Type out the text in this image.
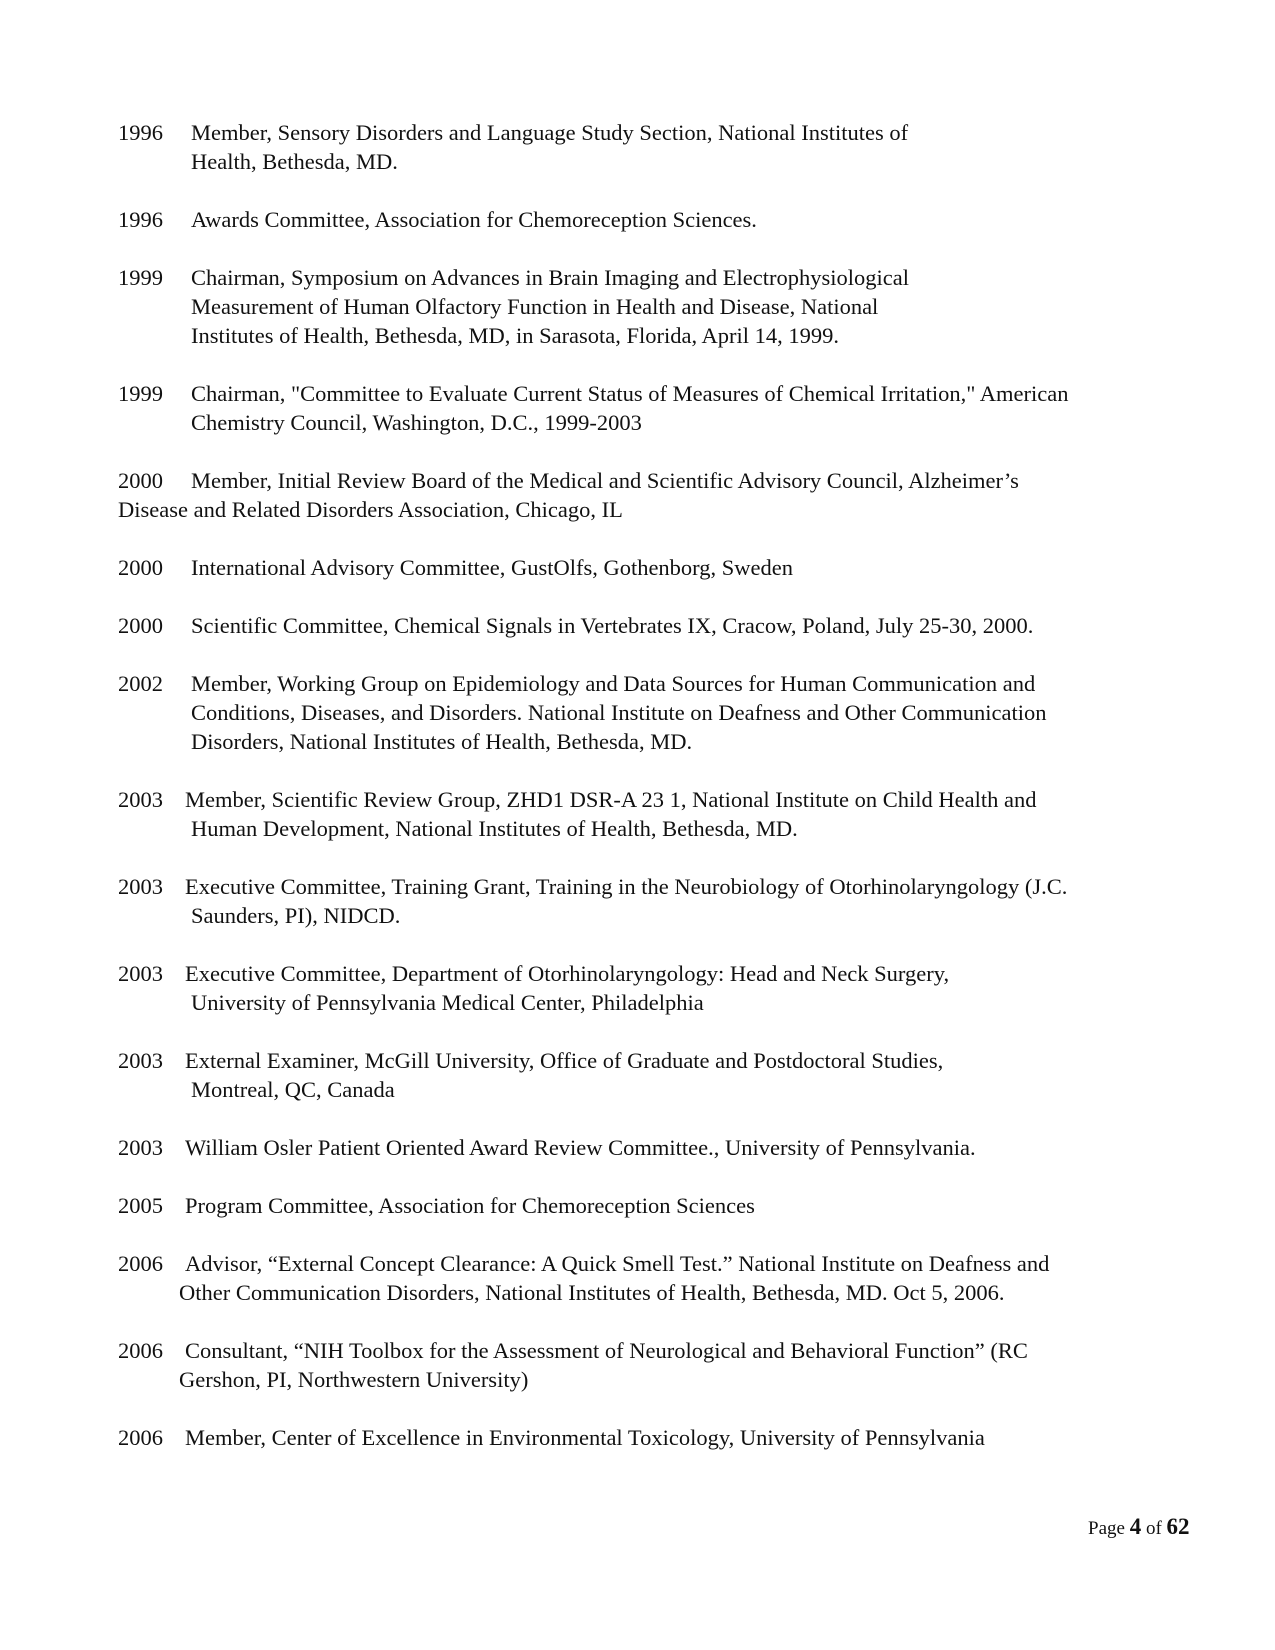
1996 Member, Sensory Disorders and Language Study Section, National Institutes of
Health, Bethesda, MD.
1996 Awards Committee, Association for Chemoreception Sciences.
1999 Chairman, Symposium on Advances in Brain Imaging and Electrophysiological
Measurement of Human Olfactory Function in Health and Disease, National
Institutes of Health, Bethesda, MD, in Sarasota, Florida, April 14, 1999.
1999 Chairman, "Committee to Evaluate Current Status of Measures of Chemical Irritation," American
Chemistry Council, Washington, D.C., 1999-2003
2000 Member, Initial Review Board of the Medical and Scientific Advisory Council, Alzheimer’s
Disease and Related Disorders Association, Chicago, IL
2000 International Advisory Committee, GustOlfs, Gothenborg, Sweden
2000 Scientific Committee, Chemical Signals in Vertebrates IX, Cracow, Poland, July 25-30, 2000.
2002 Member, Working Group on Epidemiology and Data Sources for Human Communication and
Conditions, Diseases, and Disorders. National Institute on Deafness and Other Communication
Disorders, National Institutes of Health, Bethesda, MD.
2003 Member, Scientific Review Group, ZHD1 DSR-A 23 1, National Institute on Child Health and
Human Development, National Institutes of Health, Bethesda, MD.
2003 Executive Committee, Training Grant, Training in the Neurobiology of Otorhinolaryngology (J.C.
Saunders, PI), NIDCD.
2003 Executive Committee, Department of Otorhinolaryngology: Head and Neck Surgery,
University of Pennsylvania Medical Center, Philadelphia
2003 External Examiner, McGill University, Office of Graduate and Postdoctoral Studies,
Montreal, QC, Canada
2003 William Osler Patient Oriented Award Review Committee., University of Pennsylvania.
2005 Program Committee, Association for Chemoreception Sciences
2006 Advisor, “External Concept Clearance: A Quick Smell Test.” National Institute on Deafness and
Other Communication Disorders, National Institutes of Health, Bethesda, MD. Oct 5, 2006.
2006 Consultant, “NIH Toolbox for the Assessment of Neurological and Behavioral Function” (RC
Gershon, PI, Northwestern University)
2006 Member, Center of Excellence in Environmental Toxicology, University of Pennsylvania
Page 4 of 62
